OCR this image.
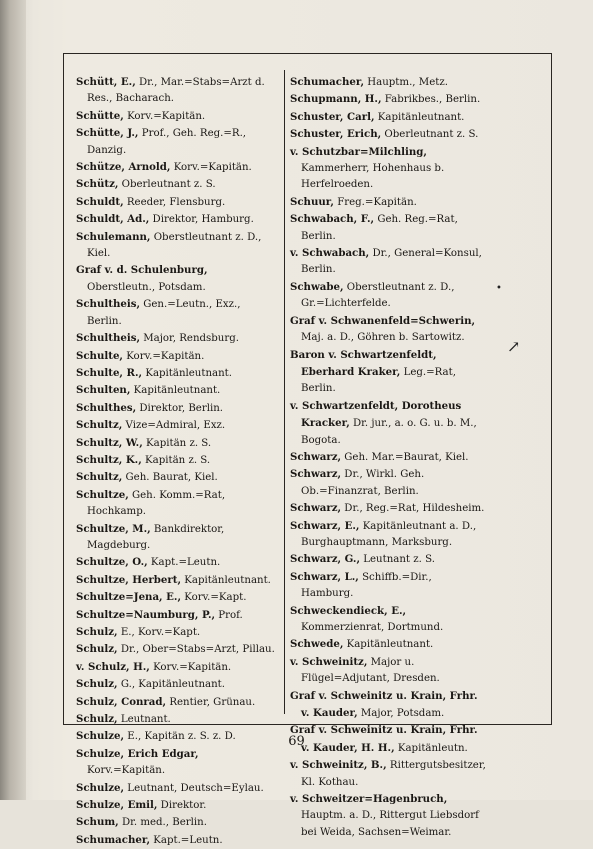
Schütt, E., Dr., Mar.=Stabs=Arzt d. Res., Bacharach.
Schütte, Korv.=Kapitän.
Schütte, J., Prof., Geh. Reg.=R., Danzig.
Schütze, Arnold, Korv.=Kapitän.
Schütz, Oberleutnant z. S.
Schuldt, Reeder, Flensburg.
Schuldt, Ad., Direktor, Hamburg.
Schulemann, Oberstleutnant z. D., Kiel.
Graf v. d. Schulenburg, Oberstleutn., Potsdam.
Schultheis, Gen.=Leutn., Exz., Berlin.
Schultheis, Major, Rendsburg.
Schulte, Korv.=Kapitän.
Schulte, R., Kapitänleutnant.
Schulten, Kapitänleutnant.
Schulthes, Direktor, Berlin.
Schultz, Vize=Admiral, Exz.
Schultz, W., Kapitän z. S.
Schultz, K., Kapitän z. S.
Schultz, Geh. Baurat, Kiel.
Schultze, Geh. Komm.=Rat, Hochkamp.
Schultze, M., Bankdirektor, Magdeburg.
Schultze, O., Kapt.=Leutn.
Schultze, Herbert, Kapitänleutnant.
Schultze=Jena, E., Korv.=Kapt.
Schultze=Naumburg, P., Prof.
Schulz, E., Korv.=Kapt.
Schulz, Dr., Ober=Stabs=Arzt, Pillau.
v. Schulz, H., Korv.=Kapitän.
Schulz, G., Kapitänleutnant.
Schulz, Conrad, Rentier, Grünau.
Schulz, Leutnant.
Schulze, E., Kapitän z. S. z. D.
Schulze, Erich Edgar, Korv.=Kapitän.
Schulze, Leutnant, Deutsch=Eylau.
Schulze, Emil, Direktor.
Schum, Dr. med., Berlin.
Schumacher, Kapt.=Leutn.
Schumacher, Hauptm., Metz.
Schupmann, H., Fabrikbes., Berlin.
Schuster, Carl, Kapitänleutnant.
Schuster, Erich, Oberleutnant z. S.
v. Schutzbar=Milchling, Kammerherr, Hohenhaus b. Herfelroeden.
Schuur, Freg.=Kapitän.
Schwabach, F., Geh. Reg.=Rat, Berlin.
v. Schwabach, Dr., General=Konsul, Berlin.
Schwabe, Oberstleutnant z. D., Gr.=Lichterfelde.
Graf v. Schwanenfeld=Schwerin, Maj. a. D., Göhren b. Sartowitz.
Baron v. Schwartzenfeldt, Eberhard Kraker, Leg.=Rat, Berlin.
v. Schwartzenfeldt, Dorotheus Kracker, Dr. jur., a. o. G. u. b. M., Bogota.
Schwarz, Geh. Mar.=Baurat, Kiel.
Schwarz, Dr., Wirkl. Geh. Ob.=Finanzrat, Berlin.
Schwarz, Dr., Reg.=Rat, Hildesheim.
Schwarz, E., Kapitänleutnant a. D., Burghauptmann, Marksburg.
Schwarz, G., Leutnant z. S.
Schwarz, L., Schiffb.=Dir., Hamburg.
Schweckendieck, E., Kommerzienrat, Dortmund.
Schwede, Kapitänleutnant.
v. Schweinitz, Major u. Flügel=Adjutant, Dresden.
Graf v. Schweinitz u. Krain, Frhr. v. Kauder, Major, Potsdam.
Graf v. Schweinitz u. Krain, Frhr. v. Kauder, H. H., Kapitänleutn.
v. Schweinitz, B., Rittergutsbesitzer, Kl. Kothau.
v. Schweitzer=Hagenbruch, Hauptm. a. D., Rittergut Liebsdorf bei Weida, Sachsen=Weimar.
•
↗
69
